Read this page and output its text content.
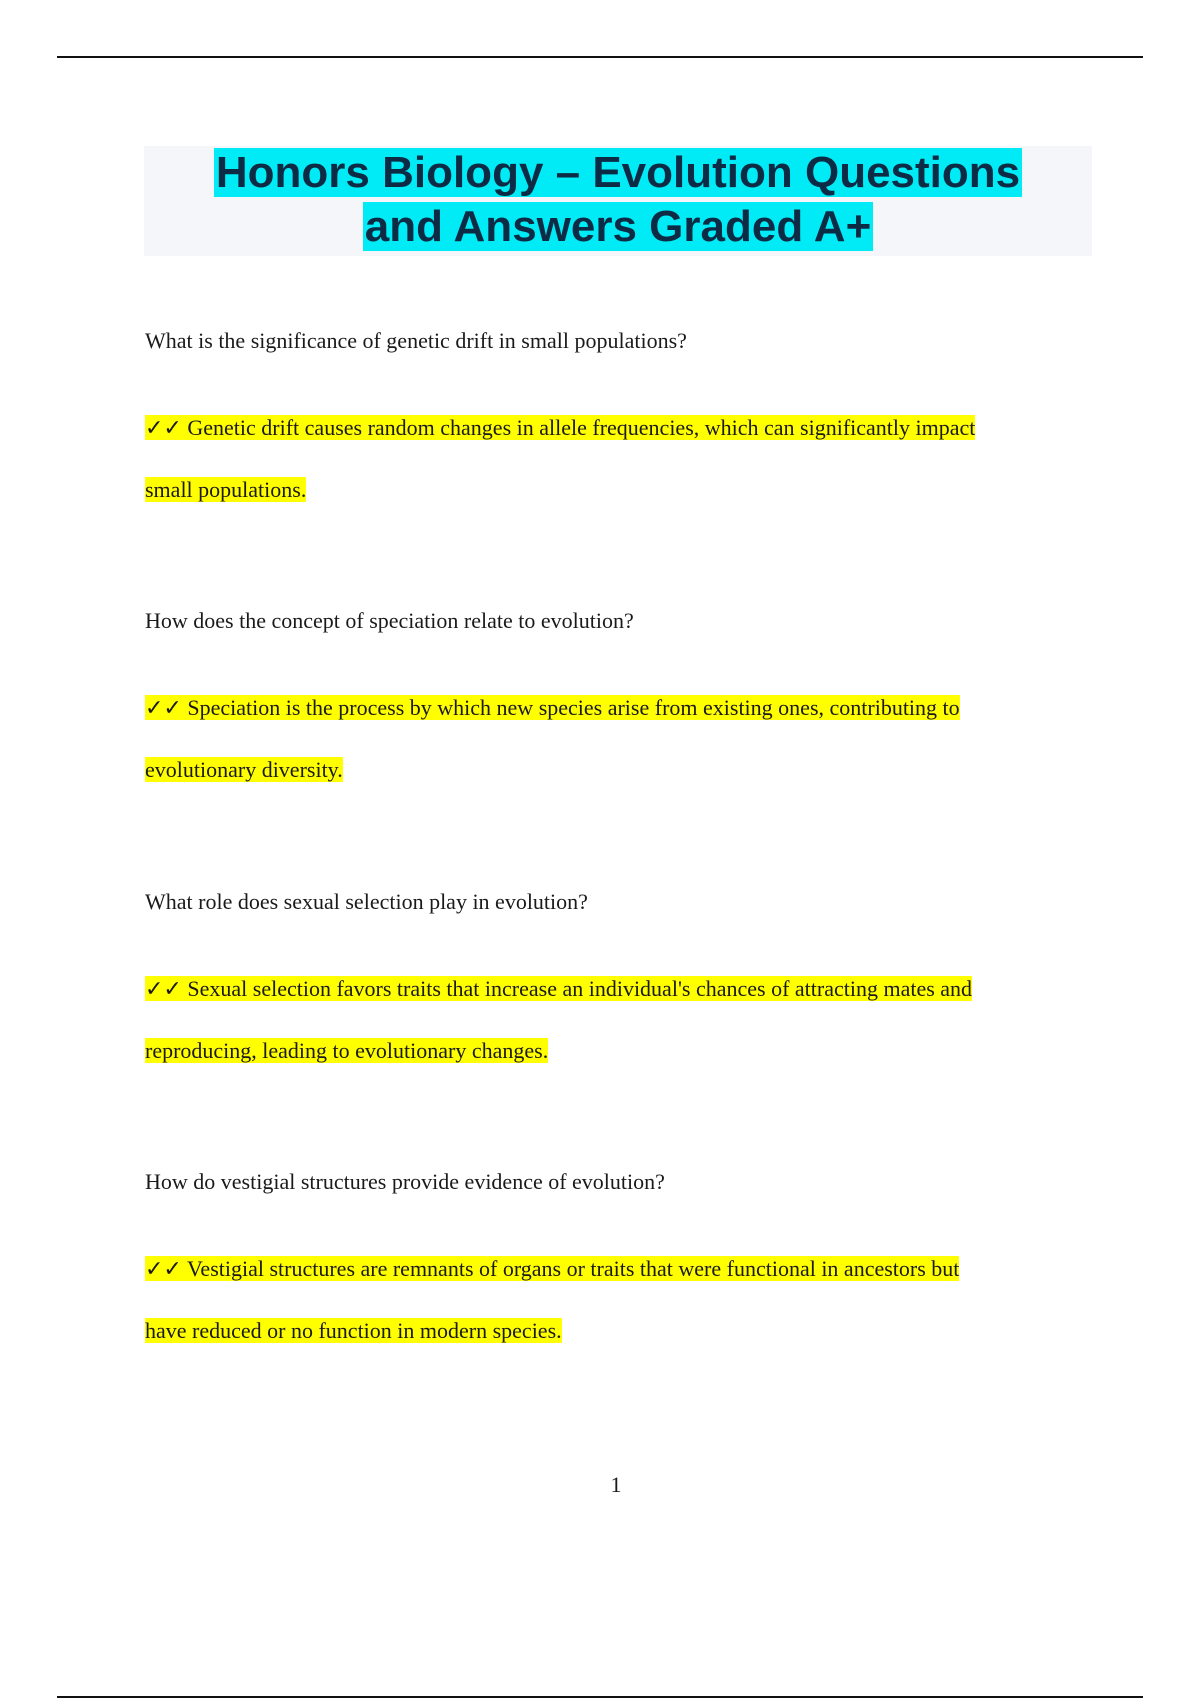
Honors Biology – Evolution Questions
and Answers Graded A+

What is the significance of genetic drift in small populations?

✓✓ Genetic drift causes random changes in allele frequencies, which can significantly impact
small populations.

How does the concept of speciation relate to evolution?

✓✓ Speciation is the process by which new species arise from existing ones, contributing to
evolutionary diversity.

What role does sexual selection play in evolution?

✓✓ Sexual selection favors traits that increase an individual's chances of attracting mates and
reproducing, leading to evolutionary changes.

How do vestigial structures provide evidence of evolution?

✓✓ Vestigial structures are remnants of organs or traits that were functional in ancestors but
have reduced or no function in modern species.
1
